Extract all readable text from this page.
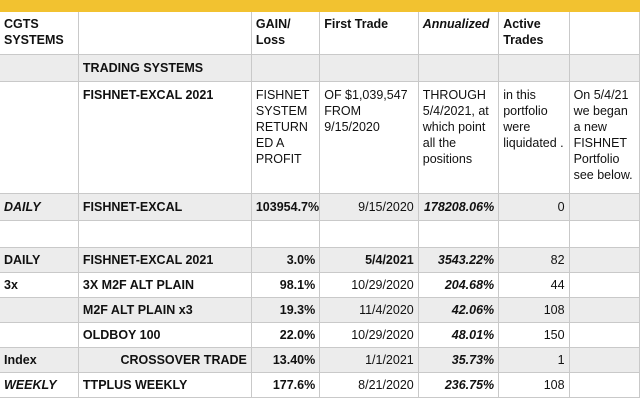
CGTS SYSTEMS		GAIN/ Loss	First Trade	Annualized	Active Trades	
	TRADING SYSTEMS					
	FISHNET-EXCAL 2021	FISHNET SYSTEM RETURN ED A PROFIT	OF $1,039,547 FROM 9/15/2020	THROUGH 5/4/2021, at which point all the positions	in this portfolio were liquidated .	On 5/4/21 we began a new FISHNET Portfolio see below.
DAILY	FISHNET-EXCAL	103954.7%	9/15/2020	178208.06%	0	

DAILY	FISHNET-EXCAL 2021	3.0%	5/4/2021	3543.22%	82	
3x	3X M2F ALT PLAIN	98.1%	10/29/2020	204.68%	44	
	M2F ALT PLAIN x3	19.3%	11/4/2020	42.06%	108	
	OLDBOY 100	22.0%	10/29/2020	48.01%	150	
Index	CROSSOVER TRADE	13.40%	1/1/2021	35.73%	1	
WEEKLY	TTPLUS WEEKLY	177.6%	8/21/2020	236.75%	108	
